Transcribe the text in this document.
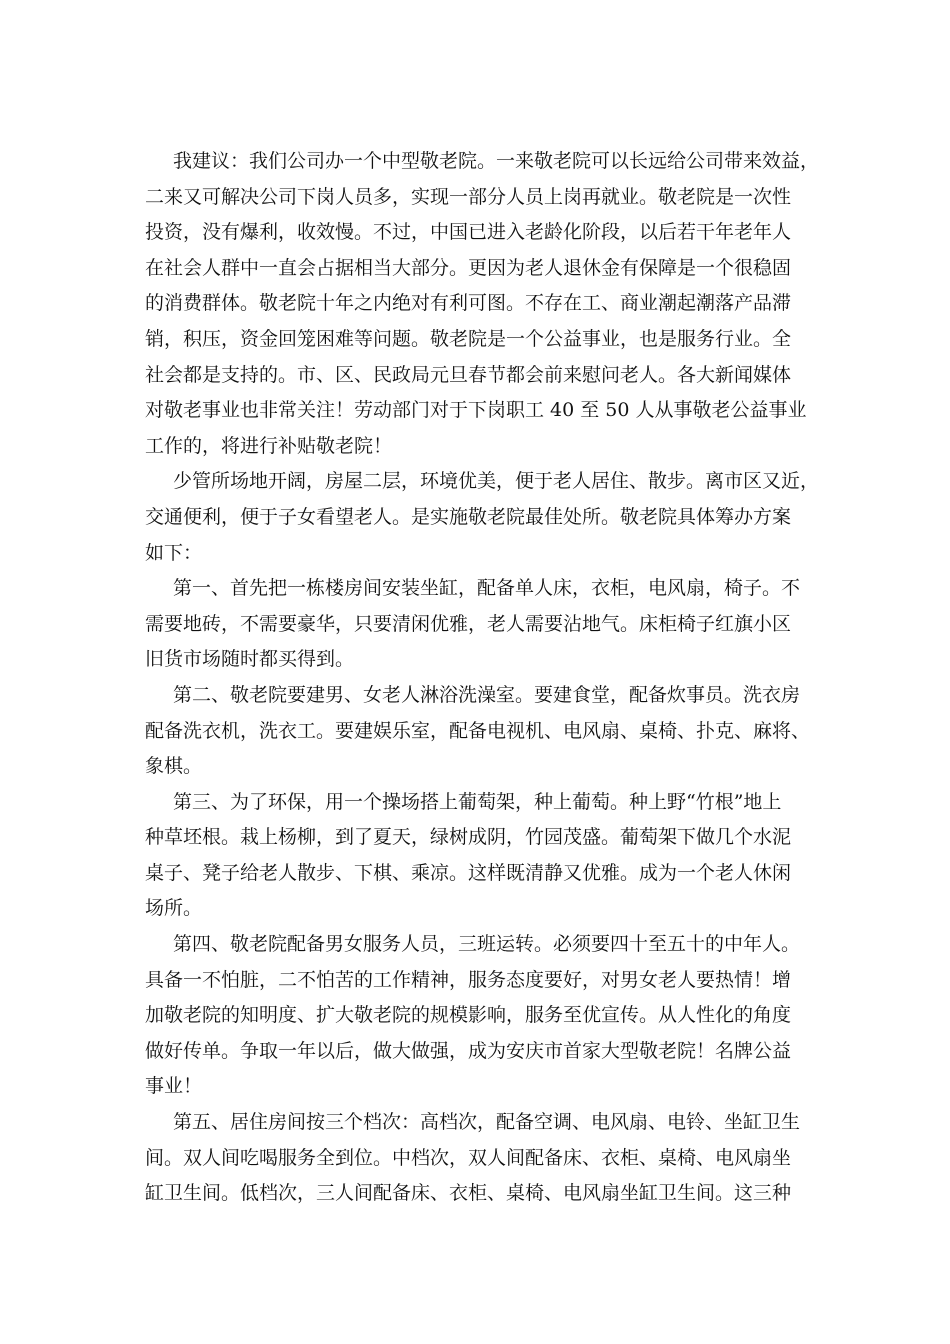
我建议：我们公司办一个中型敬老院。一来敬老院可以长远给公司带来效益，
二来又可解决公司下岗人员多，实现一部分人员上岗再就业。敬老院是一次性
投资，没有爆利，收效慢。不过，中国已进入老龄化阶段，以后若干年老年人
在社会人群中一直会占据相当大部分。更因为老人退休金有保障是一个很稳固
的消费群体。敬老院十年之内绝对有利可图。不存在工、商业潮起潮落产品滞
销，积压，资金回笼困难等问题。敬老院是一个公益事业，也是服务行业。全
社会都是支持的。市、区、民政局元旦春节都会前来慰问老人。各大新闻媒体
对敬老事业也非常关注！劳动部门对于下岗职工 40 至 50 人从事敬老公益事业
工作的，将进行补贴敬老院！
少管所场地开阔，房屋二层，环境优美，便于老人居住、散步。离市区又近，
交通便利，便于子女看望老人。是实施敬老院最佳处所。敬老院具体筹办方案
如下：
第一、首先把一栋楼房间安装坐缸，配备单人床，衣柜，电风扇，椅子。不
需要地砖，不需要豪华，只要清闲优雅，老人需要沾地气。床柜椅子红旗小区
旧货市场随时都买得到。
第二、敬老院要建男、女老人淋浴洗澡室。要建食堂，配备炊事员。洗衣房
配备洗衣机，洗衣工。要建娱乐室，配备电视机、电风扇、桌椅、扑克、麻将、
象棋。
第三、为了环保，用一个操场搭上葡萄架，种上葡萄。种上野“竹根”地上
种草坯根。栽上杨柳，到了夏天，绿树成阴，竹园茂盛。葡萄架下做几个水泥
桌子、凳子给老人散步、下棋、乘凉。这样既清静又优雅。成为一个老人休闲
场所。
第四、敬老院配备男女服务人员，三班运转。必须要四十至五十的中年人。
具备一不怕脏，二不怕苦的工作精神，服务态度要好，对男女老人要热情！增
加敬老院的知明度、扩大敬老院的规模影响，服务至优宣传。从人性化的角度
做好传单。争取一年以后，做大做强，成为安庆市首家大型敬老院！名牌公益
事业！
第五、居住房间按三个档次：高档次，配备空调、电风扇、电铃、坐缸卫生
间。双人间吃喝服务全到位。中档次，双人间配备床、衣柜、桌椅、电风扇坐
缸卫生间。低档次，三人间配备床、衣柜、桌椅、电风扇坐缸卫生间。这三种
